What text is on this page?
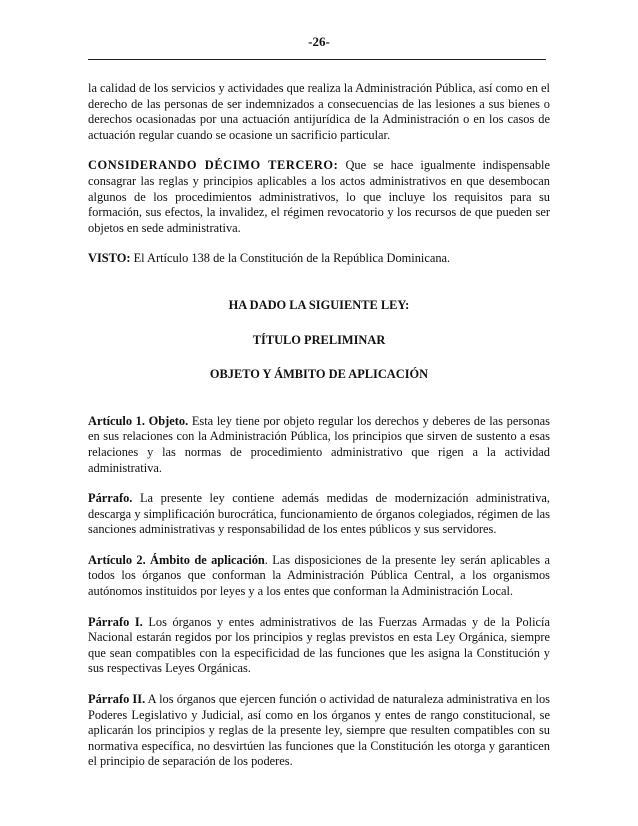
-26-

la calidad de los servicios y actividades que realiza la Administración Pública, así como en el derecho de las personas de ser indemnizados a consecuencias de las lesiones a sus bienes o derechos ocasionadas por una actuación antijurídica de la Administración o en los casos de actuación regular cuando se ocasione un sacrificio particular.

CONSIDERANDO DÉCIMO TERCERO: Que se hace igualmente indispensable consagrar las reglas y principios aplicables a los actos administrativos en que desembocan algunos de los procedimientos administrativos, lo que incluye los requisitos para su formación, sus efectos, la invalidez, el régimen revocatorio y los recursos de que pueden ser objetos en sede administrativa.

VISTO: El Artículo 138 de la Constitución de la República Dominicana.

HA DADO LA SIGUIENTE LEY:

TÍTULO PRELIMINAR

OBJETO Y ÁMBITO DE APLICACIÓN

Artículo 1. Objeto. Esta ley tiene por objeto regular los derechos y deberes de las personas en sus relaciones con la Administración Pública, los principios que sirven de sustento a esas relaciones y las normas de procedimiento administrativo que rigen a la actividad administrativa.

Párrafo. La presente ley contiene además medidas de modernización administrativa, descarga y simplificación burocrática, funcionamiento de órganos colegiados, régimen de las sanciones administrativas y responsabilidad de los entes públicos y sus servidores.

Artículo 2. Ámbito de aplicación. Las disposiciones de la presente ley serán aplicables a todos los órganos que conforman la Administración Pública Central, a los organismos autónomos instituidos por leyes y a los entes que conforman la Administración Local.

Párrafo I. Los órganos y entes administrativos de las Fuerzas Armadas y de la Policía Nacional estarán regidos por los principios y reglas previstos en esta Ley Orgánica, siempre que sean compatibles con la especificidad de las funciones que les asigna la Constitución y sus respectivas Leyes Orgánicas.

Párrafo II. A los órganos que ejercen función o actividad de naturaleza administrativa en los Poderes Legislativo y Judicial, así como en los órganos y entes de rango constitucional, se aplicarán los principios y reglas de la presente ley, siempre que resulten compatibles con su normativa específica, no desvirtúen las funciones que la Constitución les otorga y garanticen el principio de separación de los poderes.
